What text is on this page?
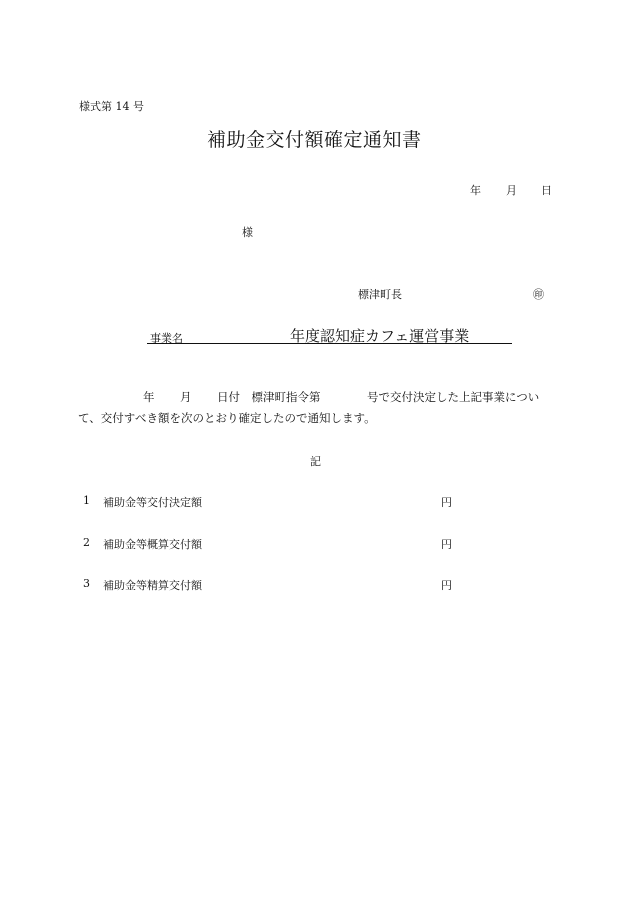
様式第 14 号
補助金交付額確定通知書
年 月 日
様
標津町長	㊞
事業名	年度認知症カフェ運営事業
年 月 日付　標津町指令第	号で交付決定した上記事業につい
て、交付すべき額を次のとおり確定したので通知します。
記
1 補助金等交付決定額	円
2 補助金等概算交付額	円
3 補助金等精算交付額	円
